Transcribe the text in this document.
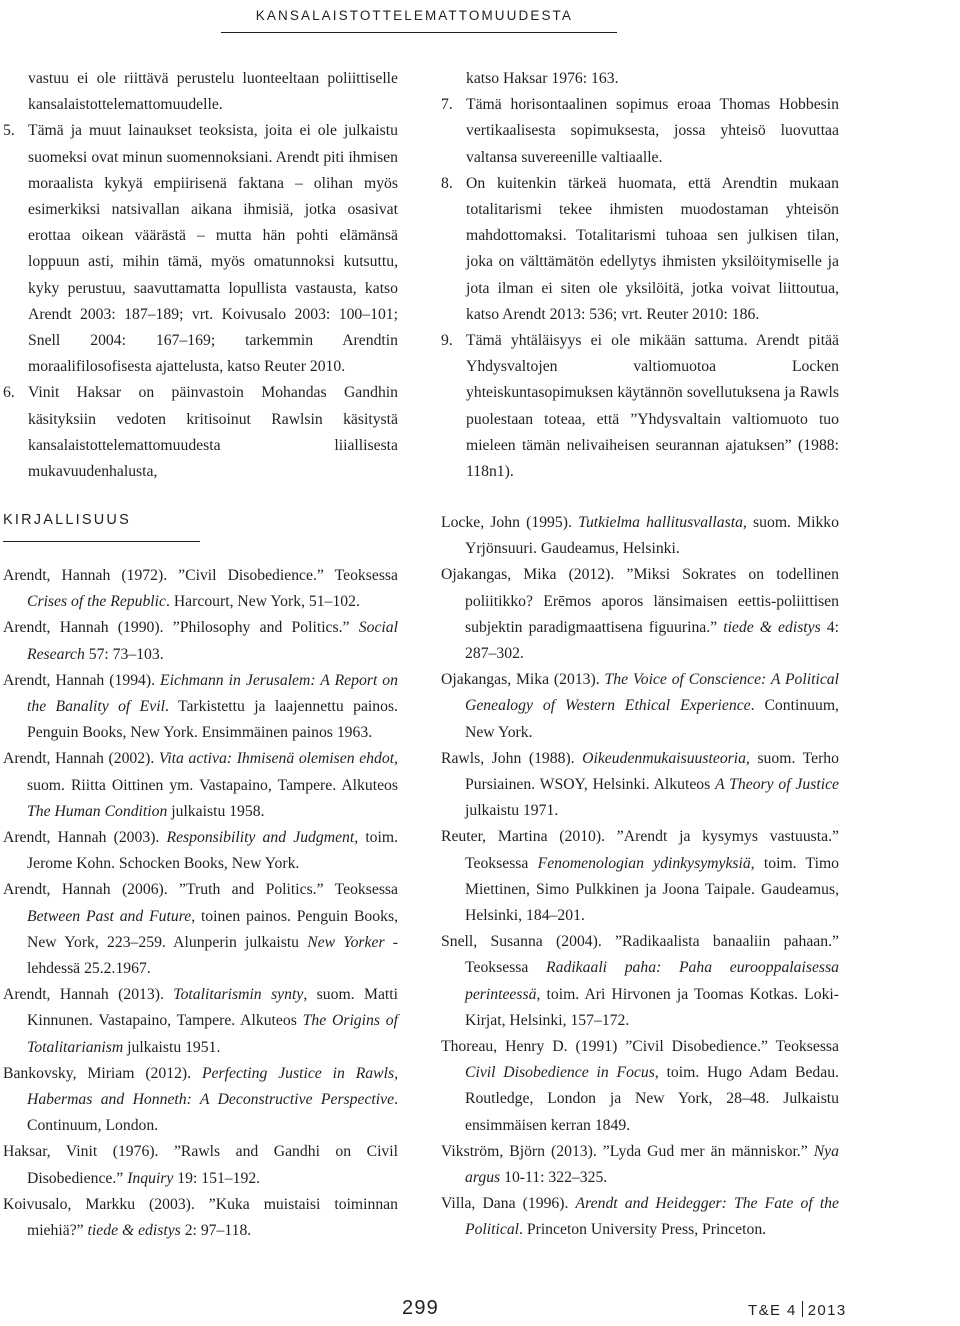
KANSALAISTOTTELEMATTOMUUDESTA
vastuu ei ole riittävä perustelu luonteeltaan poliittiselle kansalaistottelemattomuudelle.
5. Tämä ja muut lainaukset teoksista, joita ei ole julkaistu suomeksi ovat minun suomennoksiani. Arendt piti ihmisen moraalista kykyä empiirisenä faktana – olihan myös esimerkiksi natsivallan aikana ihmisiä, jotka osasivat erottaa oikean väärästä – mutta hän pohti elämänsä loppuun asti, mihin tämä, myös omatunnoksi kutsuttu, kyky perustuu, saavuttamatta lopullista vastausta, katso Arendt 2003: 187–189; vrt. Koivusalo 2003: 100–101; Snell 2004: 167–169; tarkemmin Arendtin moraalifilosofisesta ajattelusta, katso Reuter 2010.
6. Vinit Haksar on päinvastoin Mohandas Gandhin käsityksiin vedoten kritisoinut Rawlsin käsitystä kansalaistottelemattomuudesta liiallisesta mukavuudenhalusta,
katso Haksar 1976: 163.
7. Tämä horisontaalinen sopimus eroaa Thomas Hobbesin vertikaalisesta sopimuksesta, jossa yhteisö luovuttaa valtansa suvereenille valtiaalle.
8. On kuitenkin tärkeä huomata, että Arendtin mukaan totalitarismi tekee ihmisten muodostaman yhteisön mahdottomaksi. Totalitarismi tuhoaa sen julkisen tilan, joka on välttämätön edellytys ihmisten yksilöitymiselle ja jota ilman ei siten ole yksilöitä, jotka voivat liittoutua, katso Arendt 2013: 536; vrt. Reuter 2010: 186.
9. Tämä yhtäläisyys ei ole mikään sattuma. Arendt pitää Yhdysvaltojen valtiomuotoa Locken yhteiskuntasopimuksen käytännön sovellutuksena ja Rawls puolestaan toteaa, että ”Yhdysvaltain valtiomuoto tuo mieleen tämän nelivaiheisen seurannan ajatuksen” (1988: 118n1).
KIRJALLISUUS
Arendt, Hannah (1972). ”Civil Disobedience.” Teoksessa Crises of the Republic. Harcourt, New York, 51–102.
Arendt, Hannah (1990). ”Philosophy and Politics.” Social Research 57: 73–103.
Arendt, Hannah (1994). Eichmann in Jerusalem: A Report on the Banality of Evil. Tarkistettu ja laajennettu painos. Penguin Books, New York. Ensimmäinen painos 1963.
Arendt, Hannah (2002). Vita activa: Ihmisenä olemisen ehdot, suom. Riitta Oittinen ym. Vastapaino, Tampere. Alkuteos The Human Condition julkaistu 1958.
Arendt, Hannah (2003). Responsibility and Judgment, toim. Jerome Kohn. Schocken Books, New York.
Arendt, Hannah (2006). ”Truth and Politics.” Teoksessa Between Past and Future, toinen painos. Penguin Books, New York, 223–259. Alunperin julkaistu New Yorker -lehdessä 25.2.1967.
Arendt, Hannah (2013). Totalitarismin synty, suom. Matti Kinnunen. Vastapaino, Tampere. Alkuteos The Origins of Totalitarianism julkaistu 1951.
Bankovsky, Miriam (2012). Perfecting Justice in Rawls, Habermas and Honneth: A Deconstructive Perspective. Continuum, London.
Haksar, Vinit (1976). ”Rawls and Gandhi on Civil Disobedience.” Inquiry 19: 151–192.
Koivusalo, Markku (2003). ”Kuka muistaisi toiminnan miehiä?” tiede & edistys 2: 97–118.
Locke, John (1995). Tutkielma hallitusvallasta, suom. Mikko Yrjönsuuri. Gaudeamus, Helsinki.
Ojakangas, Mika (2012). ”Miksi Sokrates on todellinen poliitikko? Erēmos aporos länsimaisen eettis-poliittisen subjektin paradigmaattisena figuurina.” tiede & edistys 4: 287–302.
Ojakangas, Mika (2013). The Voice of Conscience: A Political Genealogy of Western Ethical Experience. Continuum, New York.
Rawls, John (1988). Oikeudenmukaisuusteoria, suom. Terho Pursiainen. WSOY, Helsinki. Alkuteos A Theory of Justice julkaistu 1971.
Reuter, Martina (2010). ”Arendt ja kysymys vastuusta.” Teoksessa Fenomenologian ydinkysymyksiä, toim. Timo Miettinen, Simo Pulkkinen ja Joona Taipale. Gaudeamus, Helsinki, 184–201.
Snell, Susanna (2004). ”Radikaalista banaaliin pahaan.” Teoksessa Radikaali paha: Paha eurooppalaisessa perinteessä, toim. Ari Hirvonen ja Toomas Kotkas. Loki-Kirjat, Helsinki, 157–172.
Thoreau, Henry D. (1991) ”Civil Disobedience.” Teoksessa Civil Disobedience in Focus, toim. Hugo Adam Bedau. Routledge, London ja New York, 28–48. Julkaistu ensimmäisen kerran 1849.
Vikström, Björn (2013). ”Lyda Gud mer än människor.” Nya argus 10-11: 322–325.
Villa, Dana (1996). Arendt and Heidegger: The Fate of the Political. Princeton University Press, Princeton.
299	T&E 4 2013
